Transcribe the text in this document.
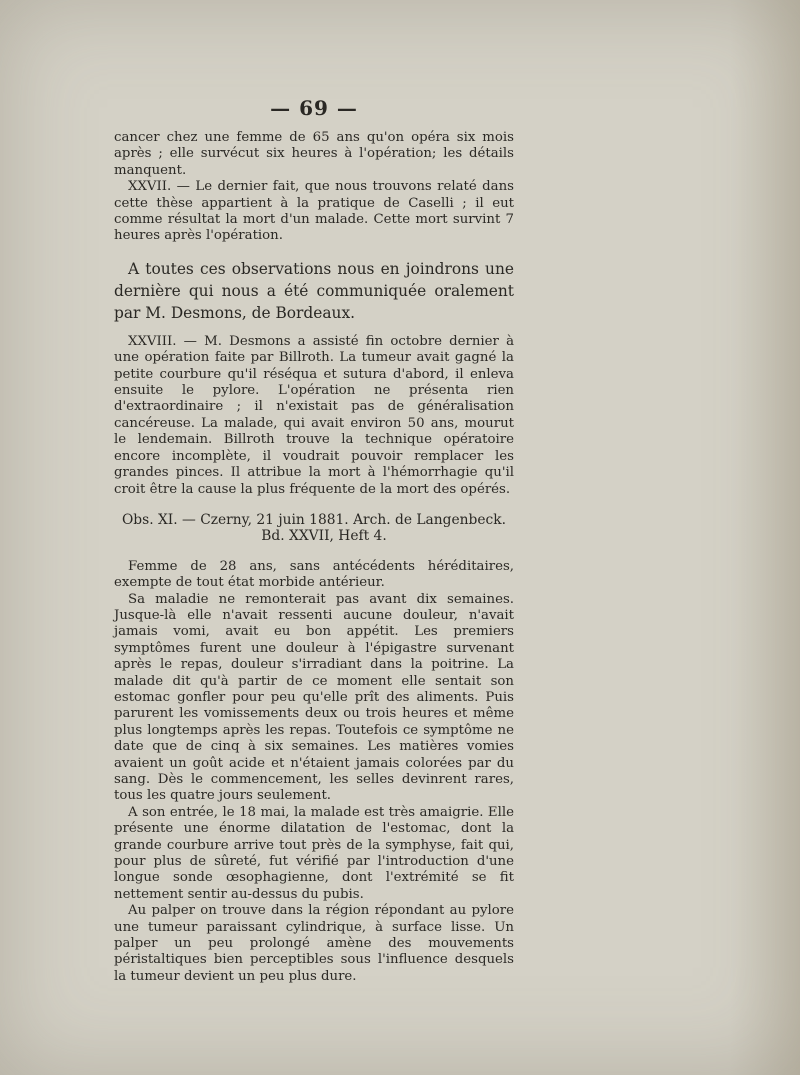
— 69 —

cancer chez une femme de 65 ans qu'on opéra six mois après ; elle survécut six heures à l'opération; les détails manquent.

XXVII. — Le dernier fait, que nous trouvons relaté dans cette thèse appartient à la pratique de Caselli ; il eut comme résultat la mort d'un malade. Cette mort survint 7 heures après l'opération.

A toutes ces observations nous en joindrons une dernière qui nous a été communiquée oralement par M. Desmons, de Bordeaux.

XXVIII. — M. Desmons a assisté fin octobre dernier à une opération faite par Billroth. La tumeur avait gagné la petite courbure qu'il réséqua et sutura d'abord, il enleva ensuite le pylore. L'opération ne présenta rien d'extraordinaire ; il n'existait pas de généralisation cancéreuse. La malade, qui avait environ 50 ans, mourut le lendemain. Billroth trouve la technique opératoire encore incomplète, il voudrait pouvoir remplacer les grandes pinces. Il attribue la mort à l'hémorrhagie qu'il croit être la cause la plus fréquente de la mort des opérés.

Obs. XI. — Czerny, 21 juin 1881. Arch. de Langenbeck.

Bd. XXVII, Heft 4.

Femme de 28 ans, sans antécédents héréditaires, exempte de tout état morbide antérieur.

Sa maladie ne remonterait pas avant dix semaines. Jusque-là elle n'avait ressenti aucune douleur, n'avait jamais vomi, avait eu bon appétit. Les premiers symptômes furent une douleur à l'épigastre survenant après le repas, douleur s'irradiant dans la poitrine. La malade dit qu'à partir de ce moment elle sentait son estomac gonfler pour peu qu'elle prît des aliments. Puis parurent les vomissements deux ou trois heures et même plus longtemps après les repas. Toutefois ce symptôme ne date que de cinq à six semaines. Les matières vomies avaient un goût acide et n'étaient jamais colorées par du sang. Dès le commencement, les selles devinrent rares, tous les quatre jours seulement.

A son entrée, le 18 mai, la malade est très amaigrie. Elle présente une énorme dilatation de l'estomac, dont la grande courbure arrive tout près de la symphyse, fait qui, pour plus de sûreté, fut vérifié par l'introduction d'une longue sonde œsophagienne, dont l'extrémité se fit nettement sentir au-dessus du pubis.

Au palper on trouve dans la région répondant au pylore une tumeur paraissant cylindrique, à surface lisse. Un palper un peu prolongé amène des mouvements péristaltiques bien perceptibles sous l'influence desquels la tumeur devient un peu plus dure.
